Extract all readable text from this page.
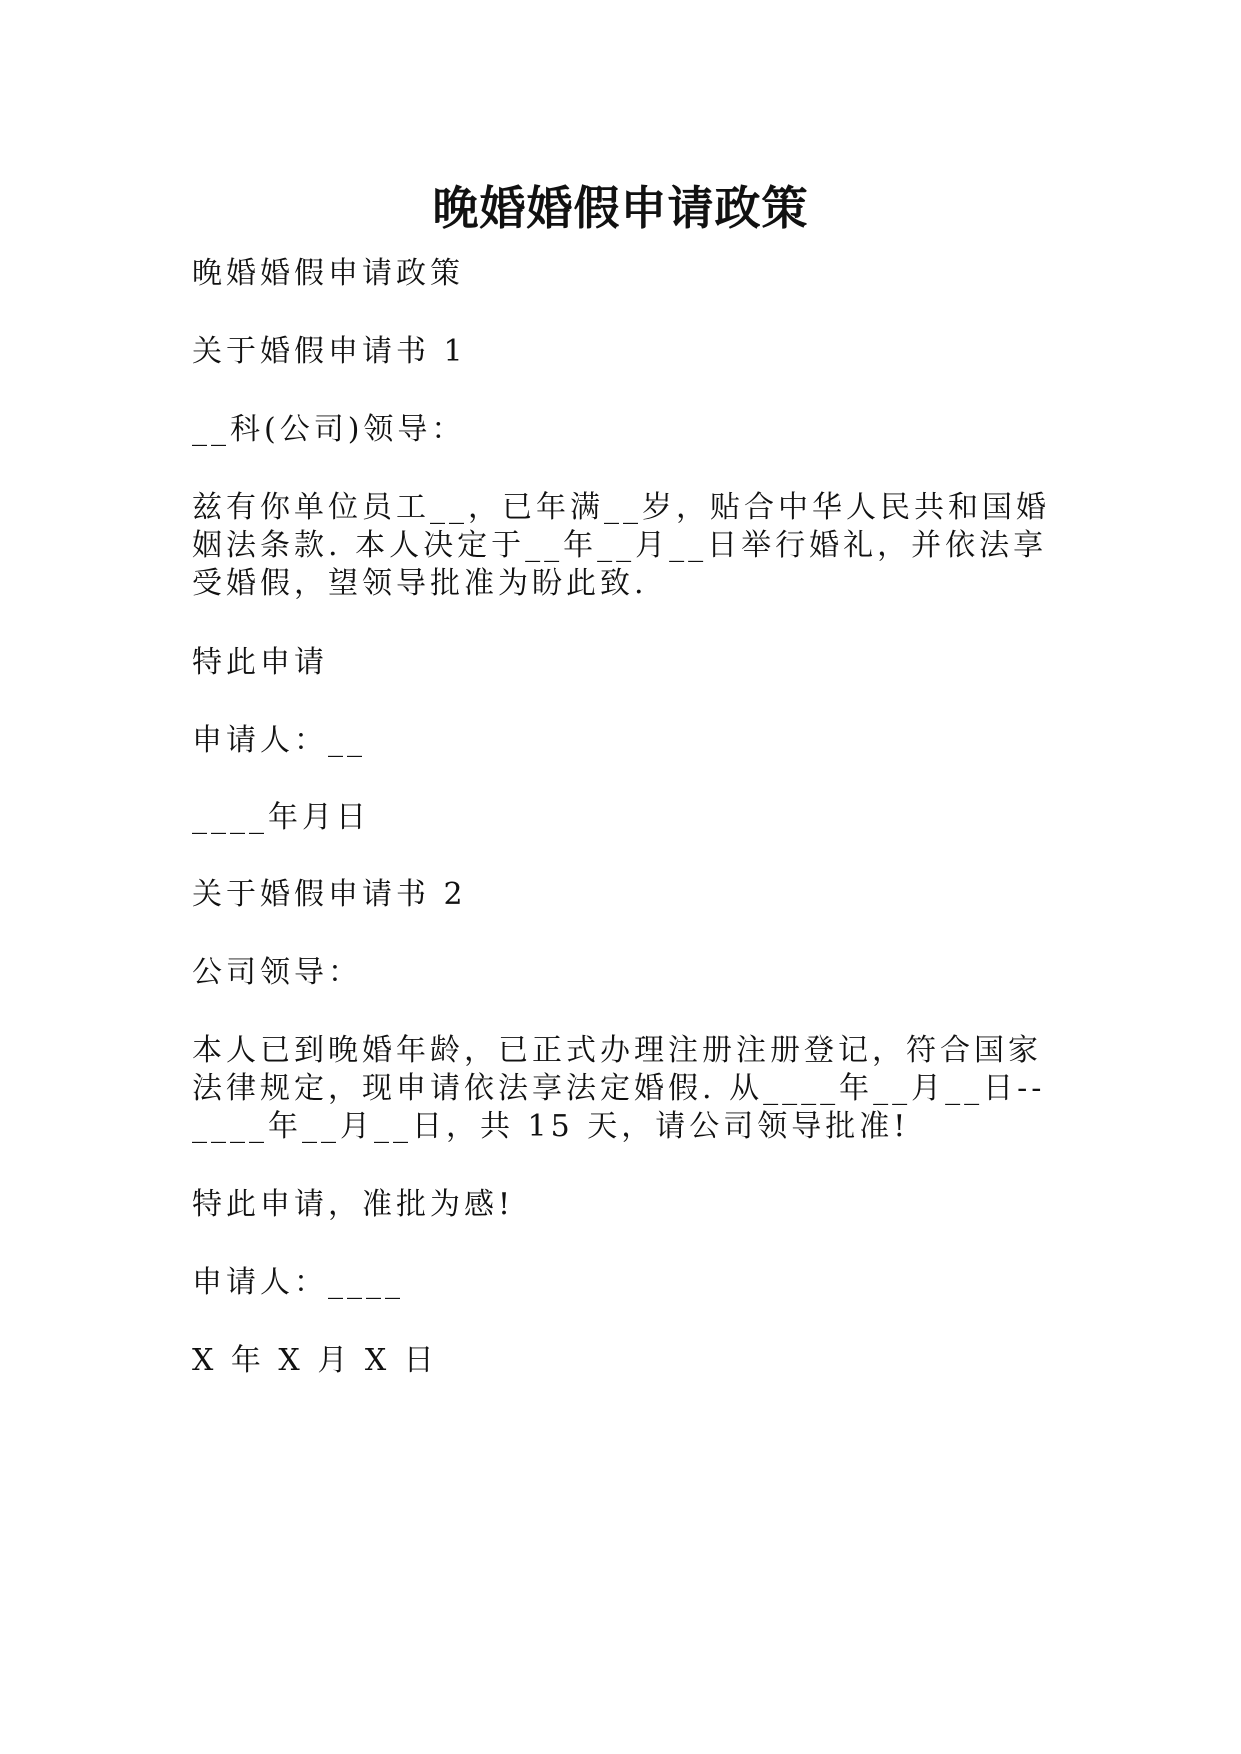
晚婚婚假申请政策

晚婚婚假申请政策

关于婚假申请书 1

__科(公司)领导：

兹有你单位员工__，已年满__岁，贴合中华人民共和国婚

姻法条款. 本人决定于__年__月__日举行婚礼，并依法享

受婚假，望领导批准为盼此致.

特此申请

申请人：__

____年月日

关于婚假申请书 2

公司领导：

本人已到晚婚年龄，已正式办理注册注册登记，符合国家

法律规定，现申请依法享法定婚假. 从____年__月__日--

____年__月__日，共 15 天，请公司领导批准!

特此申请，准批为感!

申请人：____

X 年 X 月 X 日
